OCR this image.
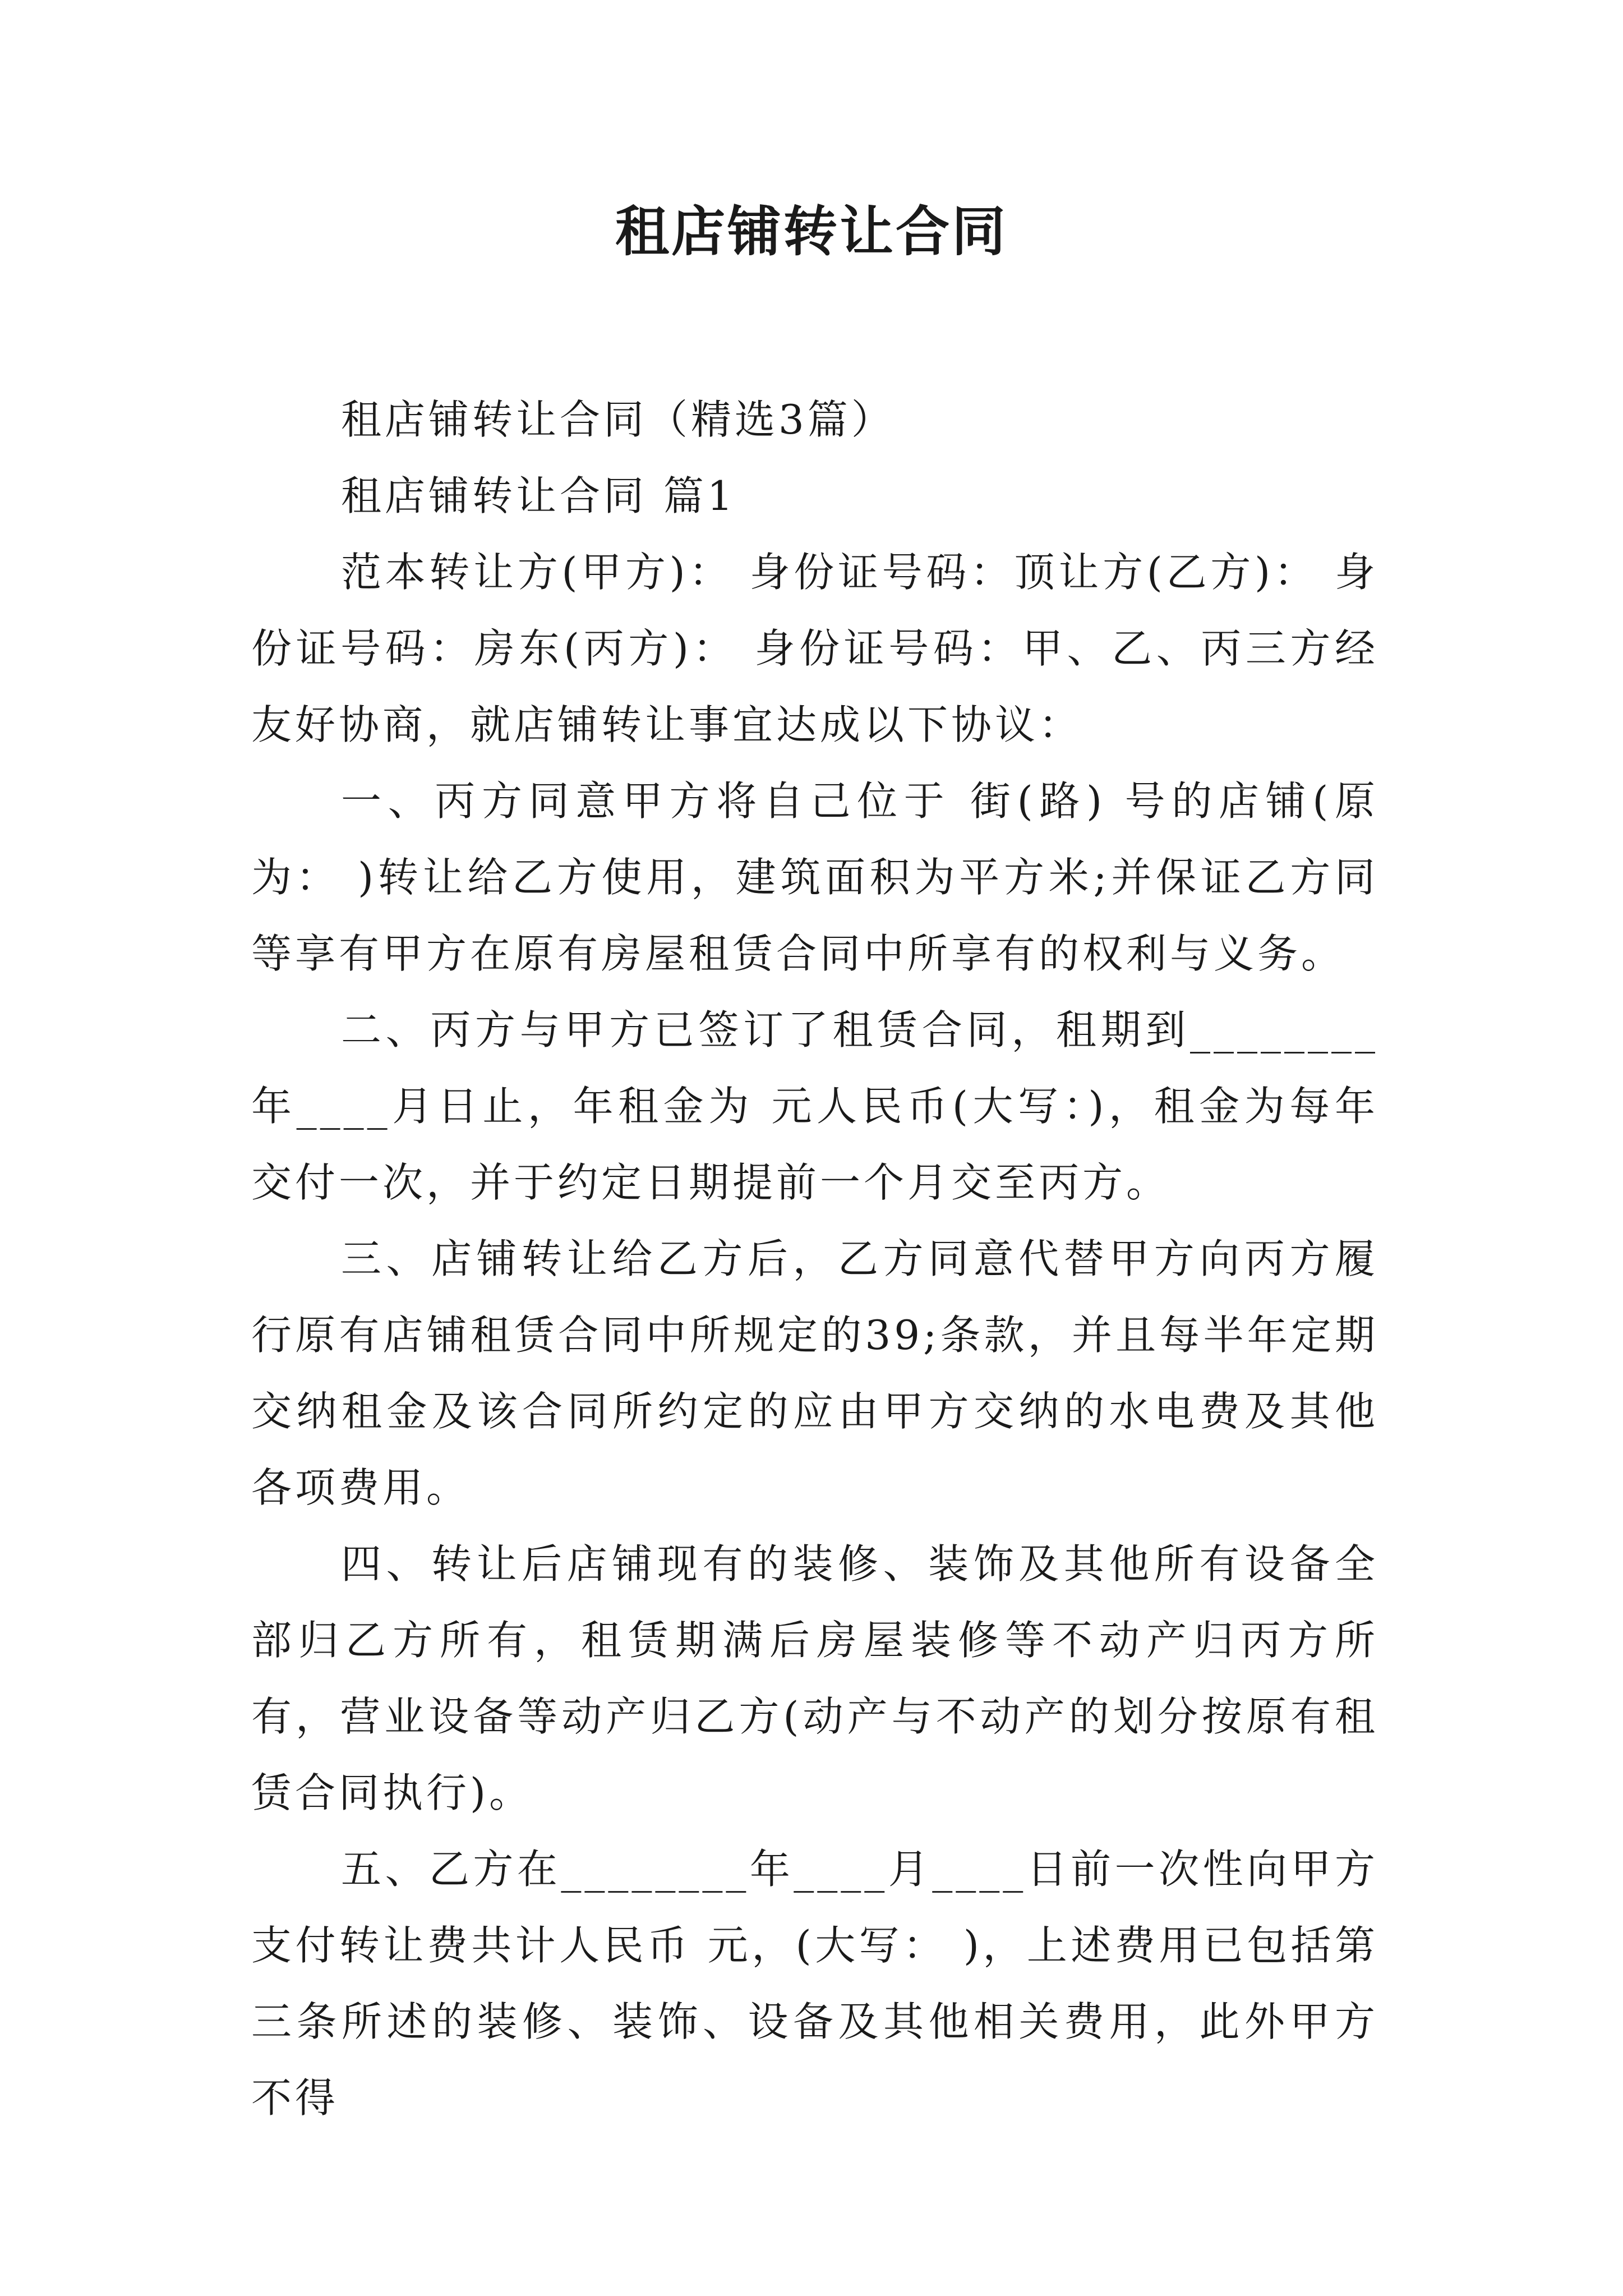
租店铺转让合同

租店铺转让合同（精选3篇）

租店铺转让合同 篇1

范本转让方(甲方)： 身份证号码：顶让方(乙方)： 身份证号码：房东(丙方)： 身份证号码：甲、乙、丙三方经友好协商，就店铺转让事宜达成以下协议：

一、丙方同意甲方将自己位于 街(路) 号的店铺(原为： )转让给乙方使用，建筑面积为平方米;并保证乙方同等享有甲方在原有房屋租赁合同中所享有的权利与义务。

二、丙方与甲方已签订了租赁合同，租期到________年____月日止，年租金为 元人民币(大写：)，租金为每年交付一次，并于约定日期提前一个月交至丙方。

三、店铺转让给乙方后，乙方同意代替甲方向丙方履行原有店铺租赁合同中所规定的39;条款，并且每半年定期交纳租金及该合同所约定的应由甲方交纳的水电费及其他各项费用。

四、转让后店铺现有的装修、装饰及其他所有设备全部归乙方所有，租赁期满后房屋装修等不动产归丙方所有，营业设备等动产归乙方(动产与不动产的划分按原有租赁合同执行)。

五、乙方在________年____月____日前一次性向甲方支付转让费共计人民币 元，(大写： )，上述费用已包括第三条所述的装修、装饰、设备及其他相关费用，此外甲方不得
